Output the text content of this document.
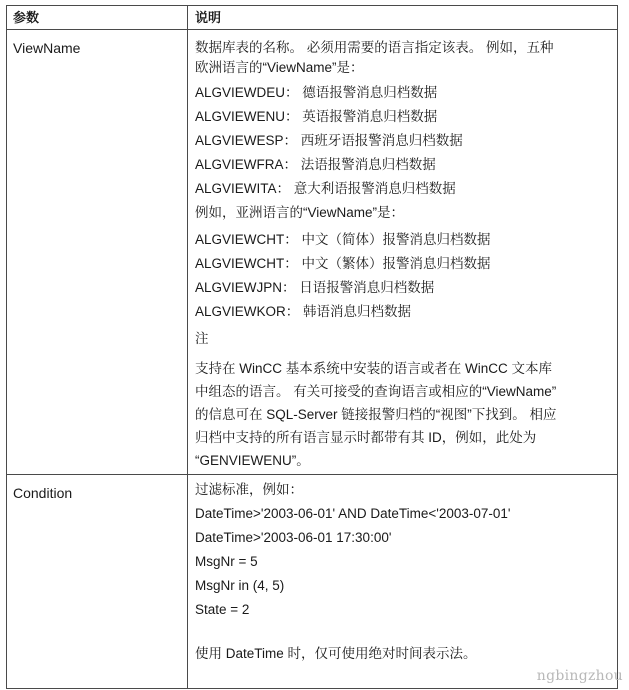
参数	说明
ViewName	数据库表的名称。 必须用需要的语言指定该表。 例如，五种
欧洲语言的“ViewName”是：
ALGVIEWDEU： 德语报警消息归档数据
ALGVIEWENU： 英语报警消息归档数据
ALGVIEWESP： 西班牙语报警消息归档数据
ALGVIEWFRA： 法语报警消息归档数据
ALGVIEWITA： 意大利语报警消息归档数据
例如，亚洲语言的“ViewName”是：
ALGVIEWCHT： 中文（简体）报警消息归档数据
ALGVIEWCHT： 中文（繁体）报警消息归档数据
ALGVIEWJPN： 日语报警消息归档数据
ALGVIEWKOR： 韩语消息归档数据
注
支持在 WinCC 基本系统中安装的语言或者在 WinCC 文本库
中组态的语言。 有关可接受的查询语言或相应的“ViewName”
的信息可在 SQL-Server 链接报警归档的“视图”下找到。 相应
归档中支持的所有语言显示时都带有其 ID，例如，此处为
“GENVIEWENU”。
Condition	过滤标准，例如：
DateTime>'2003-06-01' AND DateTime<'2003-07-01'
DateTime>'2003-06-01 17:30:00'
MsgNr = 5
MsgNr in (4, 5)
State = 2
使用 DateTime 时，仅可使用绝对时间表示法。
ngbingzhou
